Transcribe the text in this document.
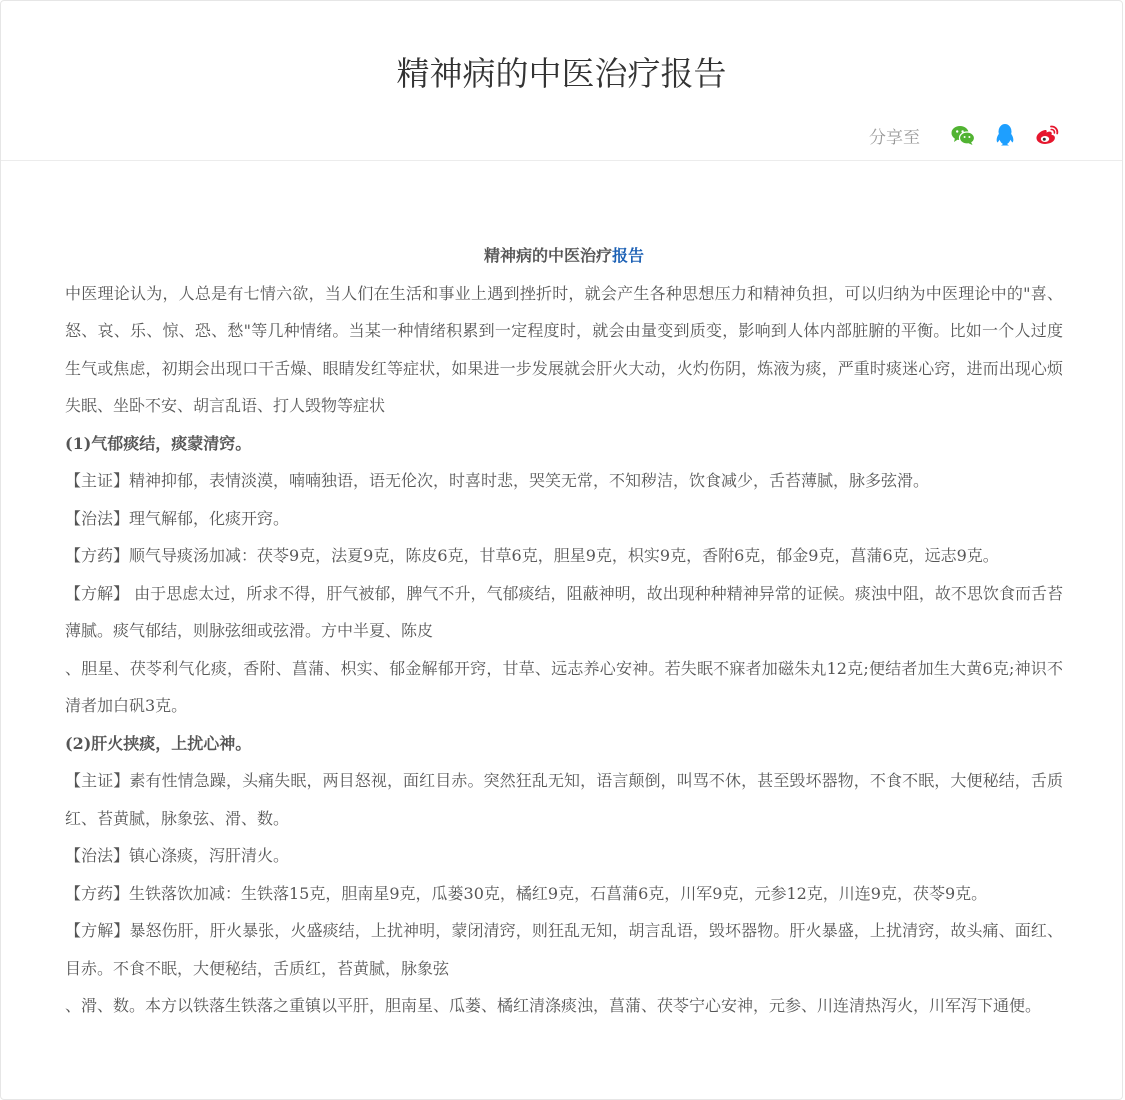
精神病的中医治疗报告
分享至
精神病的中医治疗报告

中医理论认为，人总是有七情六欲，当人们在生活和事业上遇到挫折时，就会产生各种思想压力和精神负担，可以归纳为中医理论中的"喜、怒、哀、乐、惊、恐、愁"等几种情绪。当某一种情绪积累到一定程度时，就会由量变到质变，影响到人体内部脏腑的平衡。比如一个人过度生气或焦虑，初期会出现口干舌燥、眼睛发红等症状，如果进一步发展就会肝火大动，火灼伤阴，炼液为痰，严重时痰迷心窍，进而出现心烦失眠、坐卧不安、胡言乱语、打人毁物等症状

(1)气郁痰结，痰蒙清窍。

【主证】精神抑郁，表情淡漠，喃喃独语，语无伦次，时喜时悲，哭笑无常，不知秽洁，饮食减少，舌苔薄腻，脉多弦滑。

【治法】理气解郁，化痰开窍。

【方药】顺气导痰汤加减：茯苓9克，法夏9克，陈皮6克，甘草6克，胆星9克，枳实9克，香附6克，郁金9克，菖蒲6克，远志9克。

【方解】 由于思虑太过，所求不得，肝气被郁，脾气不升，气郁痰结，阻蔽神明，故出现种种精神异常的证候。痰浊中阻，故不思饮食而舌苔薄腻。痰气郁结，则脉弦细或弦滑。方中半夏、陈皮

、胆星、茯苓利气化痰，香附、菖蒲、枳实、郁金解郁开窍，甘草、远志养心安神。若失眠不寐者加磁朱丸12克;便结者加生大黄6克;神识不清者加白矾3克。

(2)肝火挟痰，上扰心神。

【主证】素有性情急躁，头痛失眠，两目怒视，面红目赤。突然狂乱无知，语言颠倒，叫骂不休，甚至毁坏器物，不食不眠，大便秘结，舌质红、苔黄腻，脉象弦、滑、数。

【治法】镇心涤痰，泻肝清火。

【方药】生铁落饮加减：生铁落15克，胆南星9克，瓜蒌30克，橘红9克，石菖蒲6克，川军9克，元参12克，川连9克，茯苓9克。

【方解】暴怒伤肝，肝火暴张，火盛痰结，上扰神明，蒙闭清窍，则狂乱无知，胡言乱语，毁坏器物。肝火暴盛，上扰清窍，故头痛、面红、目赤。不食不眠，大便秘结，舌质红，苔黄腻，脉象弦

、滑、数。本方以铁落生铁落之重镇以平肝，胆南星、瓜蒌、橘红清涤痰浊，菖蒲、茯苓宁心安神，元参、川连清热泻火，川军泻下通便。
